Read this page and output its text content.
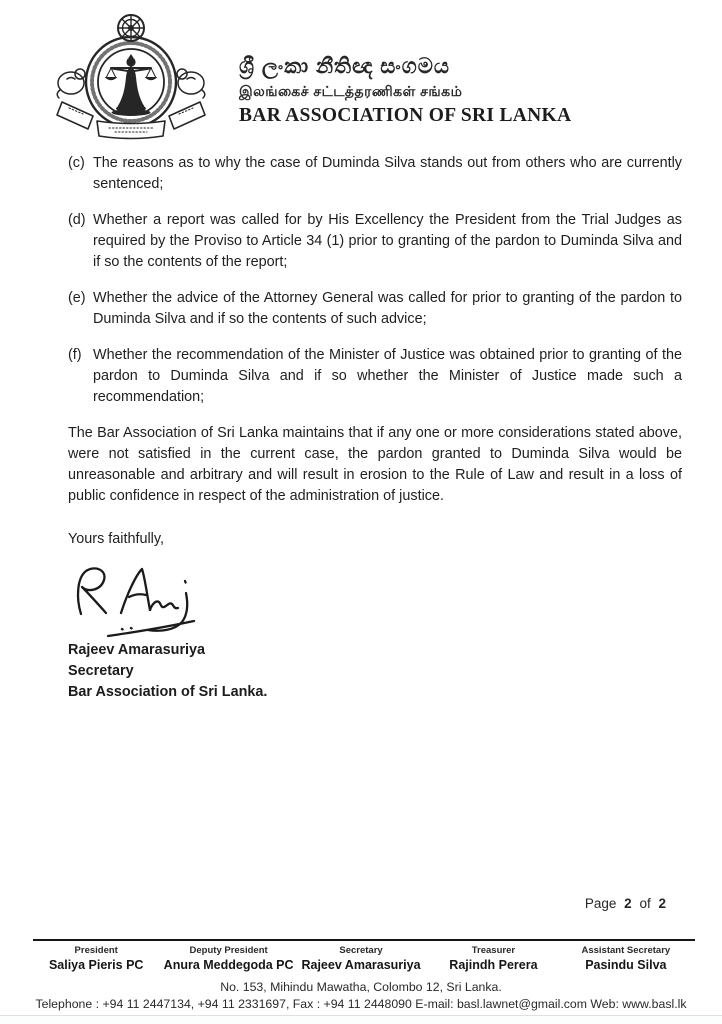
ශ්‍රී ලංකා නීතිඥ සංගමය
இலங்கைச் சட்டத்தரணிகள் சங்கம்
BAR ASSOCIATION OF SRI LANKA
(c) The reasons as to why the case of Duminda Silva stands out from others who are currently sentenced;
(d) Whether a report was called for by His Excellency the President from the Trial Judges as required by the Proviso to Article 34 (1) prior to granting of the pardon to Duminda Silva and if so the contents of the report;
(e) Whether the advice of the Attorney General was called for prior to granting of the pardon to Duminda Silva and if so the contents of such advice;
(f) Whether the recommendation of the Minister of Justice was obtained prior to granting of the pardon to Duminda Silva and if so whether the Minister of Justice made such a recommendation;

The Bar Association of Sri Lanka maintains that if any one or more considerations stated above, were not satisfied in the current case, the pardon granted to Duminda Silva would be unreasonable and arbitrary and will result in erosion to the Rule of Law and result in a loss of public confidence in respect of the administration of justice.

Yours faithfully,

Rajeev Amarasuriya
Secretary
Bar Association of Sri Lanka.
Page 2 of 2
President
Saliya Pieris PC
Deputy President
Anura Meddegoda PC
Secretary
Rajeev Amarasuriya
Treasurer
Rajindh Perera
Assistant Secretary
Pasindu Silva
No. 153, Mihindu Mawatha, Colombo 12, Sri Lanka.
Telephone : +94 11 2447134, +94 11 2331697, Fax : +94 11 2448090 E-mail: basl.lawnet@gmail.com Web: www.basl.lk
